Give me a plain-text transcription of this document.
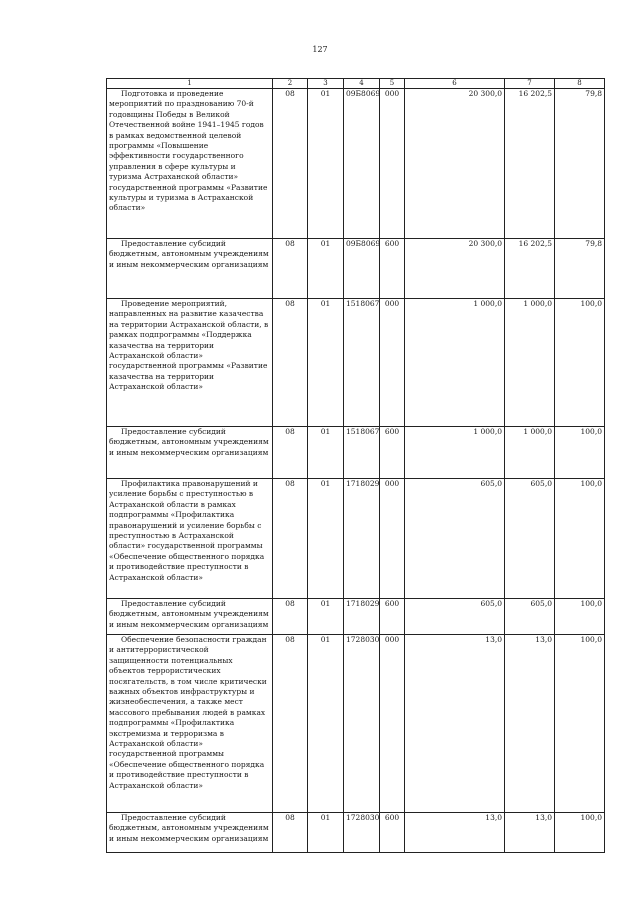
127
1	2	3	4	5	6	7	8
Подготовка и проведение мероприятий по празднованию 70-й годовщины Победы в Великой Отечественной войне 1941–1945 годов в рамках ведомственной целевой программы «Повышение эффективности государственного управления в сфере культуры и туризма Астраханской области» государственной программы «Развитие культуры и туризма в Астраханской области»	08	01	09Б8069	000	20 300,0	16 202,5	79,8
Предоставление субсидий бюджетным, автономным учреждениям и иным некоммерческим организациям	08	01	09Б8069	600	20 300,0	16 202,5	79,8
Проведение мероприятий, направленных на развитие казачества на территории Астраханской области, в рамках подпрограммы «Поддержка казачества на территории Астраханской области» государственной программы «Развитие казачества на территории Астраханской области»	08	01	1518067	000	1 000,0	1 000,0	100,0
Предоставление субсидий бюджетным, автономным учреждениям и иным некоммерческим организациям	08	01	1518067	600	1 000,0	1 000,0	100,0
Профилактика правонарушений и усиление борьбы с преступностью в Астраханской области в рамках подпрограммы «Профилактика правонарушений и усиление борьбы с преступностью в Астраханской области» государственной программы «Обеспечение общественного порядка и противодействие преступности в Астраханской области»	08	01	1718029	000	605,0	605,0	100,0
Предоставление субсидий бюджетным, автономным учреждениям и иным некоммерческим организациям	08	01	1718029	600	605,0	605,0	100,0
Обеспечение безопасности граждан и антитеррористической защищенности потенциальных объектов террористических посягательств, в том числе критически важных объектов инфраструктуры и жизнеобеспечения, а также мест массового пребывания людей в рамках подпрограммы «Профилактика экстремизма и терроризма в Астраханской области» государственной программы «Обеспечение общественного порядка и противодействие преступности в Астраханской области»	08	01	1728030	000	13,0	13,0	100,0
Предоставление субсидий бюджетным, автономным учреждениям и иным некоммерческим организациям	08	01	1728030	600	13,0	13,0	100,0
